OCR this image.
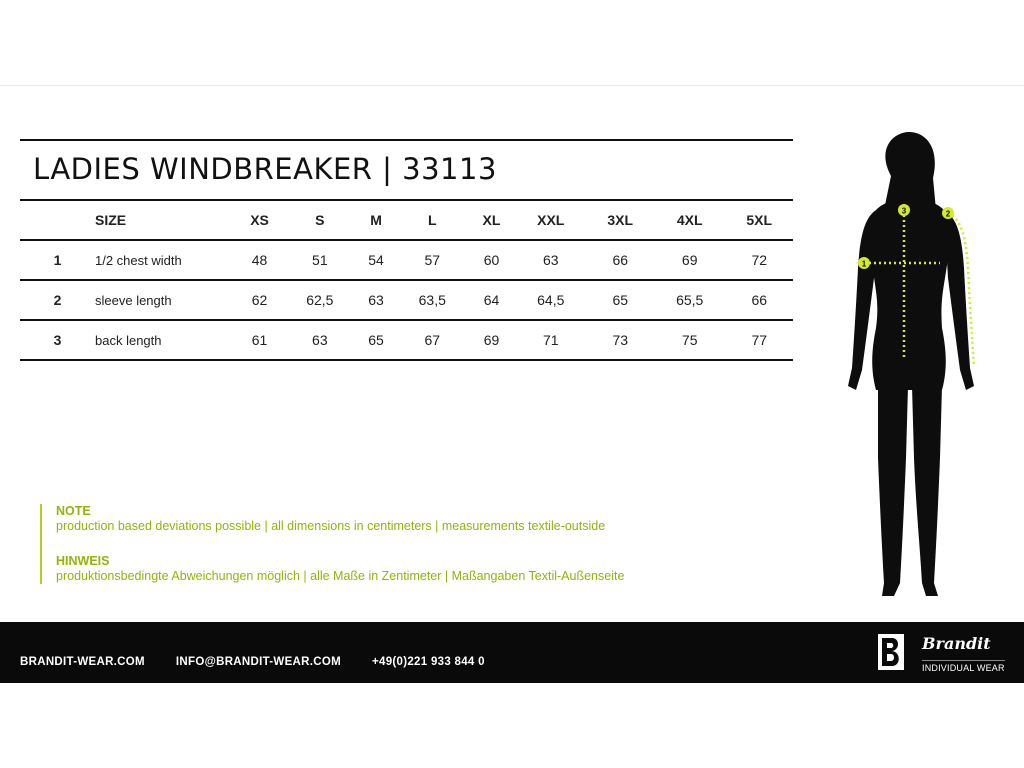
LADIES WINDBREAKER | 33113
	SIZE	XS	S	M	L	XL	XXL	3XL	4XL	5XL
1	1/2 chest width	48	51	54	57	60	63	66	69	72
2	sleeve length	62	62,5	63	63,5	64	64,5	65	65,5	66
3	back length	61	63	65	67	69	71	73	75	77
NOTE
production based deviations possible | all dimensions in centimeters | measurements textile-outside
HINWEIS
produktionsbedingte Abweichungen möglich | alle Maße in Zentimeter | Maßangaben Textil-Außenseite
1
2
3
BRANDIT-WEAR.COM	INFO@BRANDIT-WEAR.COM	+49(0)221 933 844 0
Brandit
INDIVIDUAL WEAR
